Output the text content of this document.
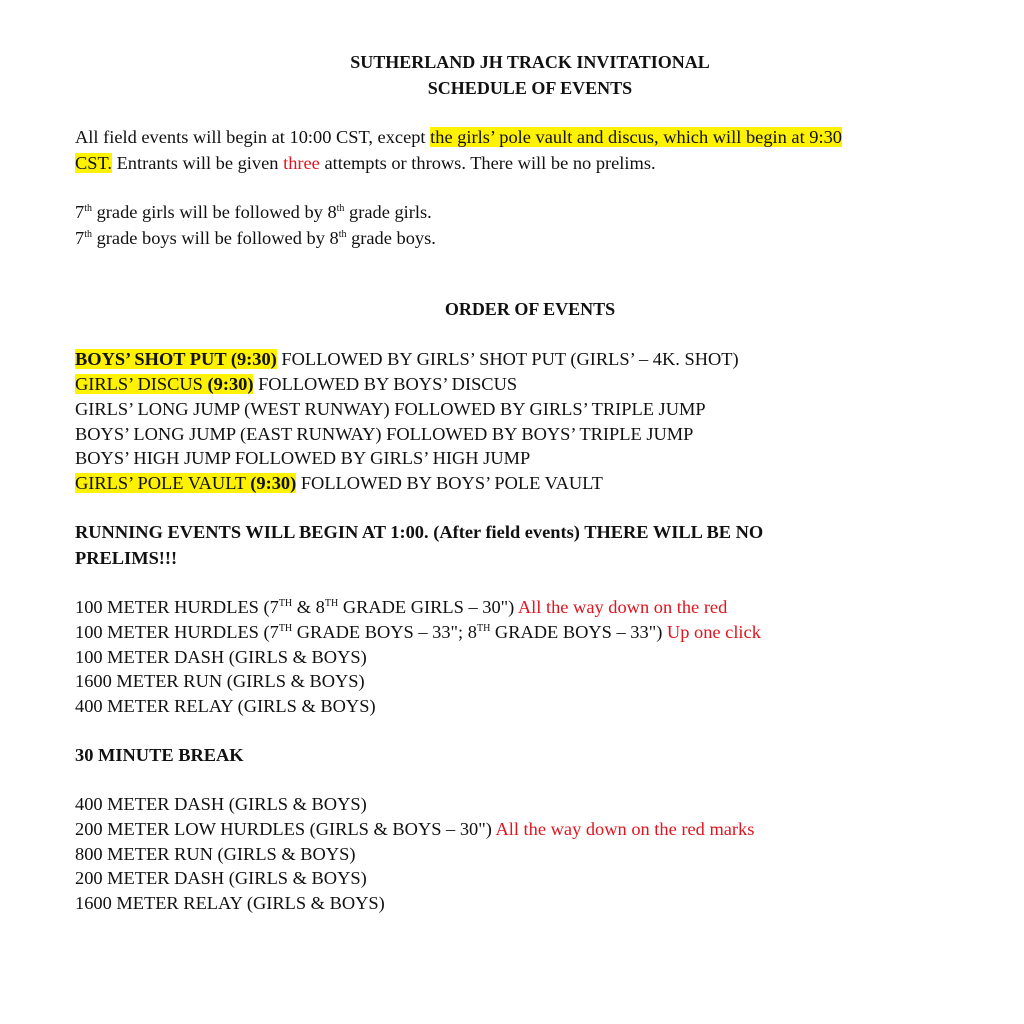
SUTHERLAND JH TRACK INVITATIONAL
SCHEDULE OF EVENTS
All field events will begin at 10:00 CST, except the girls’ pole vault and discus, which will begin at 9:30
CST. Entrants will be given three attempts or throws. There will be no prelims.
7th grade girls will be followed by 8th grade girls.
7th grade boys will be followed by 8th grade boys.
ORDER OF EVENTS
BOYS’ SHOT PUT (9:30) FOLLOWED BY GIRLS’ SHOT PUT (GIRLS’ – 4K. SHOT)
GIRLS’ DISCUS (9:30) FOLLOWED BY BOYS’ DISCUS
GIRLS’ LONG JUMP (WEST RUNWAY) FOLLOWED BY GIRLS’ TRIPLE JUMP
BOYS’ LONG JUMP (EAST RUNWAY) FOLLOWED BY BOYS’ TRIPLE JUMP
BOYS’ HIGH JUMP FOLLOWED BY GIRLS’ HIGH JUMP
GIRLS’ POLE VAULT (9:30) FOLLOWED BY BOYS’ POLE VAULT
RUNNING EVENTS WILL BEGIN AT 1:00. (After field events) THERE WILL BE NO
PRELIMS!!!
100 METER HURDLES (7TH & 8TH GRADE GIRLS – 30") All the way down on the red
100 METER HURDLES (7TH GRADE BOYS – 33"; 8TH GRADE BOYS – 33") Up one click
100 METER DASH (GIRLS & BOYS)
1600 METER RUN (GIRLS & BOYS)
400 METER RELAY (GIRLS & BOYS)
30 MINUTE BREAK
400 METER DASH (GIRLS & BOYS)
200 METER LOW HURDLES (GIRLS & BOYS – 30") All the way down on the red marks
800 METER RUN (GIRLS & BOYS)
200 METER DASH (GIRLS & BOYS)
1600 METER RELAY (GIRLS & BOYS)
